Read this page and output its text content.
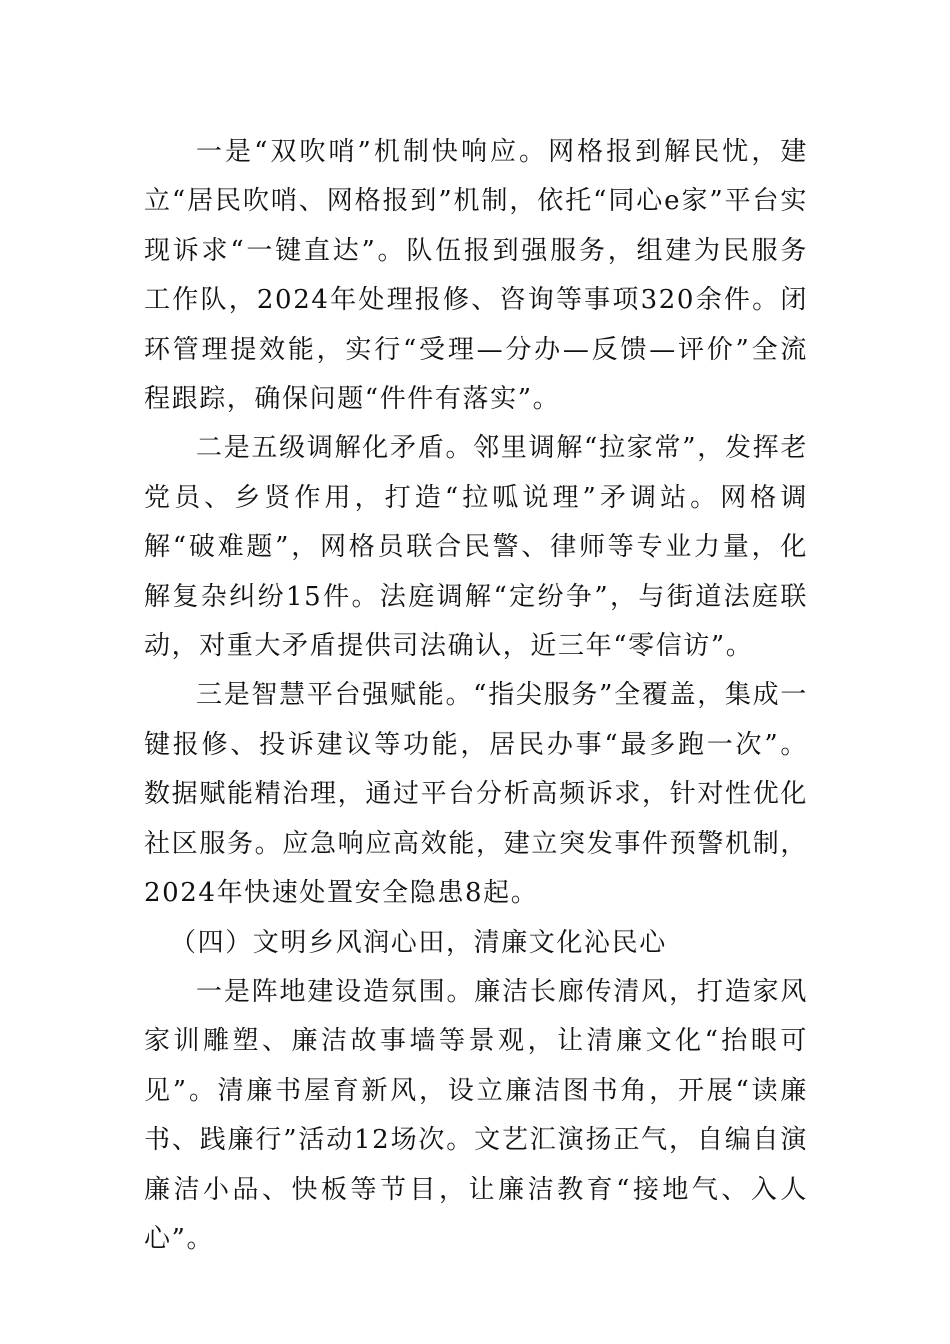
一是“双吹哨”机制快响应。网格报到解民忧，建立“居民吹哨、网格报到”机制，依托“同心e家”平台实现诉求“一键直达”。队伍报到强服务，组建为民服务工作队，2024年处理报修、咨询等事项320余件。闭环管理提效能，实行“受理—分办—反馈—评价”全流程跟踪，确保问题“件件有落实”。

二是五级调解化矛盾。邻里调解“拉家常”，发挥老党员、乡贤作用，打造“拉呱说理”矛调站。网格调解“破难题”，网格员联合民警、律师等专业力量，化解复杂纠纷15件。法庭调解“定纷争”，与街道法庭联动，对重大矛盾提供司法确认，近三年“零信访”。

三是智慧平台强赋能。“指尖服务”全覆盖，集成一键报修、投诉建议等功能，居民办事“最多跑一次”。数据赋能精治理，通过平台分析高频诉求，针对性优化社区服务。应急响应高效能，建立突发事件预警机制，2024年快速处置安全隐患8起。

（四）文明乡风润心田，清廉文化沁民心

一是阵地建设造氛围。廉洁长廊传清风，打造家风家训雕塑、廉洁故事墙等景观，让清廉文化“抬眼可见”。清廉书屋育新风，设立廉洁图书角，开展“读廉书、践廉行”活动12场次。文艺汇演扬正气，自编自演廉洁小品、快板等节目，让廉洁教育“接地气、入人心”。
